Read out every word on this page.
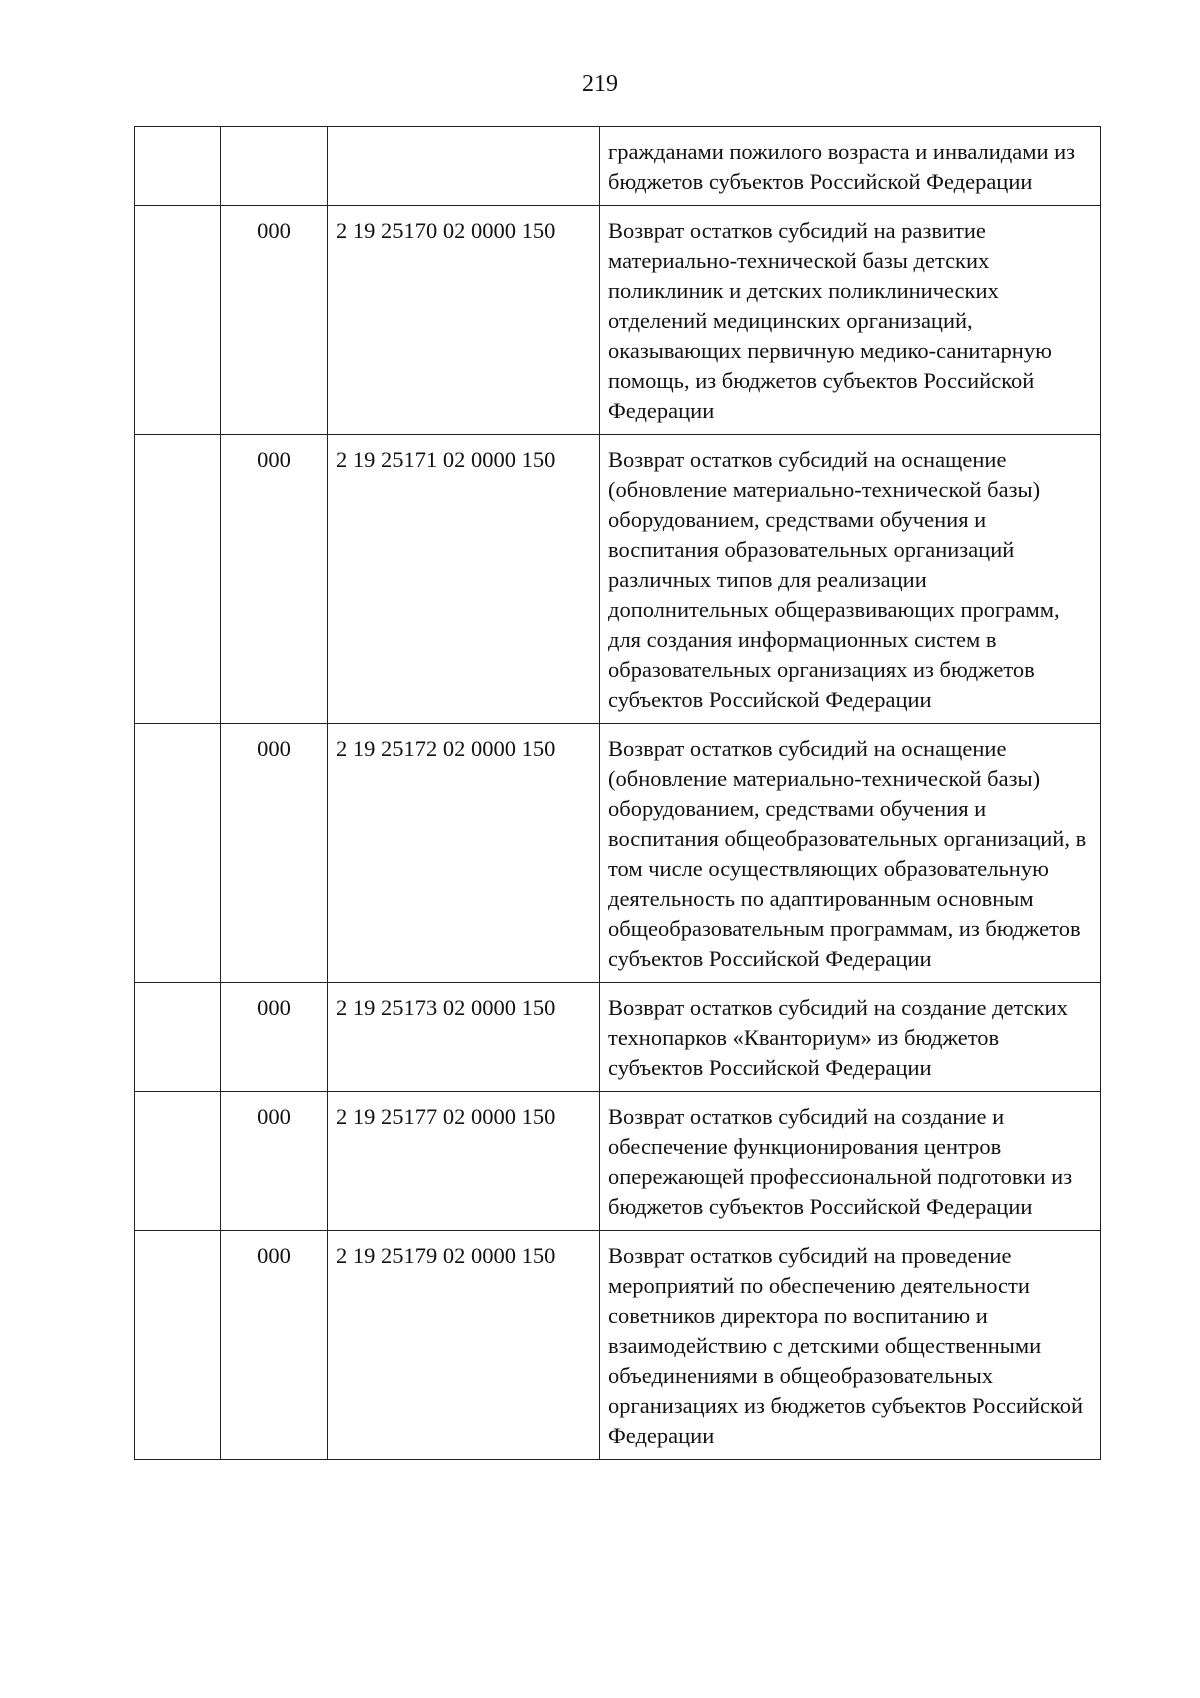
219
			гражданами пожилого возраста и инвалидами из бюджетов субъектов Российской Федерации
	000	2 19 25170 02 0000 150	Возврат остатков субсидий на развитие материально-технической базы детских поликлиник и детских поликлинических отделений медицинских организаций, оказывающих первичную медико-санитарную помощь, из бюджетов субъектов Российской Федерации
	000	2 19 25171 02 0000 150	Возврат остатков субсидий на оснащение (обновление материально-технической базы) оборудованием, средствами обучения и воспитания образовательных организаций различных типов для реализации дополнительных общеразвивающих программ, для создания информационных систем в образовательных организациях из бюджетов субъектов Российской Федерации
	000	2 19 25172 02 0000 150	Возврат остатков субсидий на оснащение (обновление материально-технической базы) оборудованием, средствами обучения и воспитания общеобразовательных организаций, в том числе осуществляющих образовательную деятельность по адаптированным основным общеобразовательным программам, из бюджетов субъектов Российской Федерации
	000	2 19 25173 02 0000 150	Возврат остатков субсидий на создание детских технопарков «Кванториум» из бюджетов субъектов Российской Федерации
	000	2 19 25177 02 0000 150	Возврат остатков субсидий на создание и обеспечение функционирования центров опережающей профессиональной подготовки из бюджетов субъектов Российской Федерации
	000	2 19 25179 02 0000 150	Возврат остатков субсидий на проведение мероприятий по обеспечению деятельности советников директора по воспитанию и взаимодействию с детскими общественными объединениями в общеобразовательных организациях из бюджетов субъектов Российской Федерации
